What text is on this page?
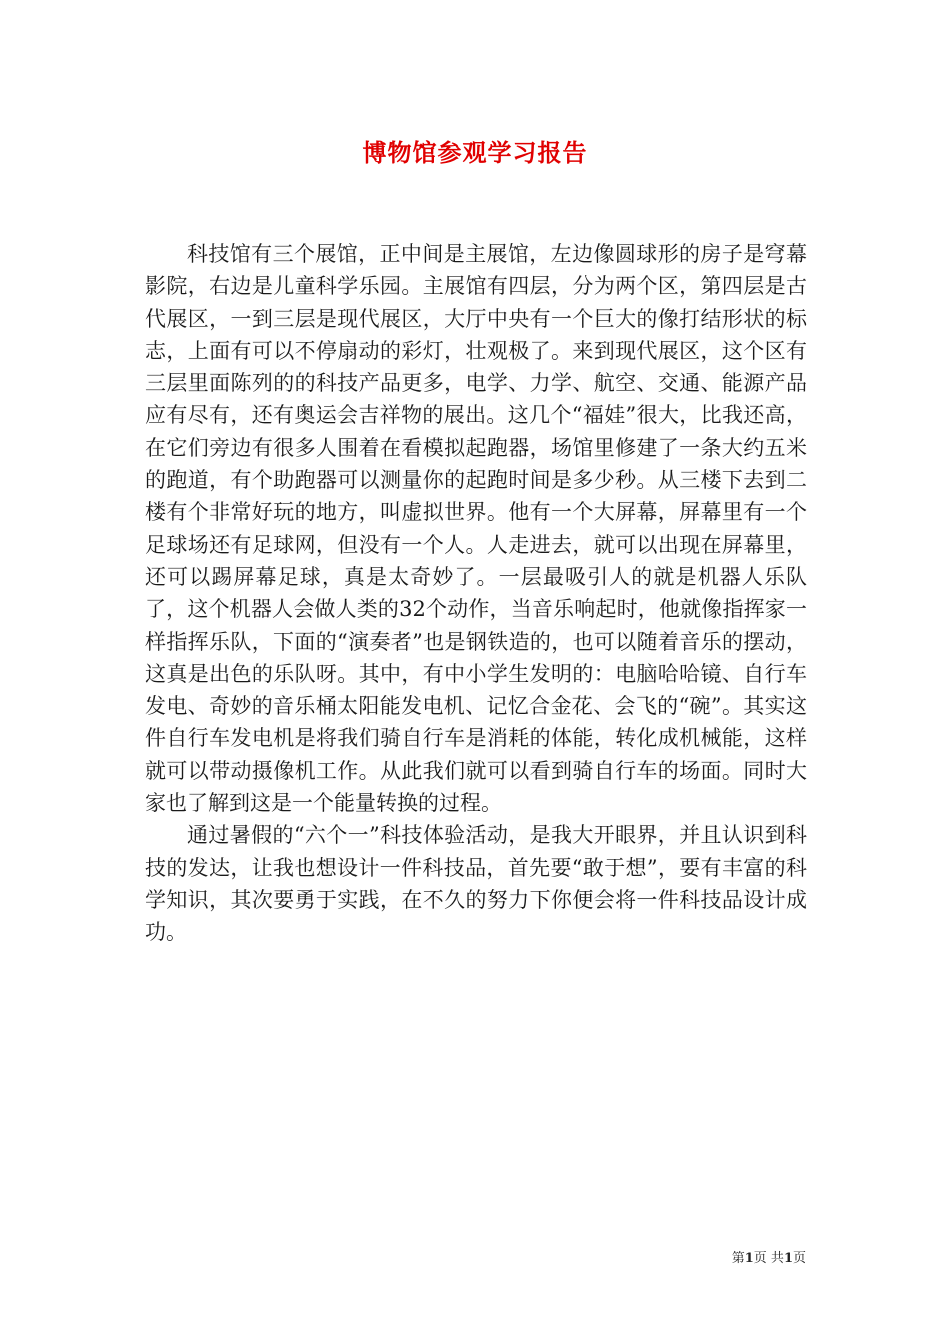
博物馆参观学习报告

科技馆有三个展馆，正中间是主展馆，左边像圆球形的房子是穹幕影院，右边是儿童科学乐园。主展馆有四层，分为两个区，第四层是古代展区，一到三层是现代展区，大厅中央有一个巨大的像打结形状的标志，上面有可以不停扇动的彩灯，壮观极了。来到现代展区，这个区有三层里面陈列的的科技产品更多，电学、力学、航空、交通、能源产品应有尽有，还有奥运会吉祥物的展出。这几个“福娃”很大，比我还高，在它们旁边有很多人围着在看模拟起跑器，场馆里修建了一条大约五米的跑道，有个助跑器可以测量你的起跑时间是多少秒。从三楼下去到二楼有个非常好玩的地方，叫虚拟世界。他有一个大屏幕，屏幕里有一个足球场还有足球网，但没有一个人。人走进去，就可以出现在屏幕里，还可以踢屏幕足球，真是太奇妙了。一层最吸引人的就是机器人乐队了，这个机器人会做人类的32个动作，当音乐响起时，他就像指挥家一样指挥乐队，下面的“演奏者”也是钢铁造的，也可以随着音乐的摆动，这真是出色的乐队呀。其中，有中小学生发明的：电脑哈哈镜、自行车发电、奇妙的音乐桶太阳能发电机、记忆合金花、会飞的“碗”。其实这件自行车发电机是将我们骑自行车是消耗的体能，转化成机械能，这样就可以带动摄像机工作。从此我们就可以看到骑自行车的场面。同时大家也了解到这是一个能量转换的过程。

通过暑假的“六个一”科技体验活动，是我大开眼界，并且认识到科技的发达，让我也想设计一件科技品，首先要“敢于想”，要有丰富的科学知识，其次要勇于实践，在不久的努力下你便会将一件科技品设计成功。

第1页 共1页
